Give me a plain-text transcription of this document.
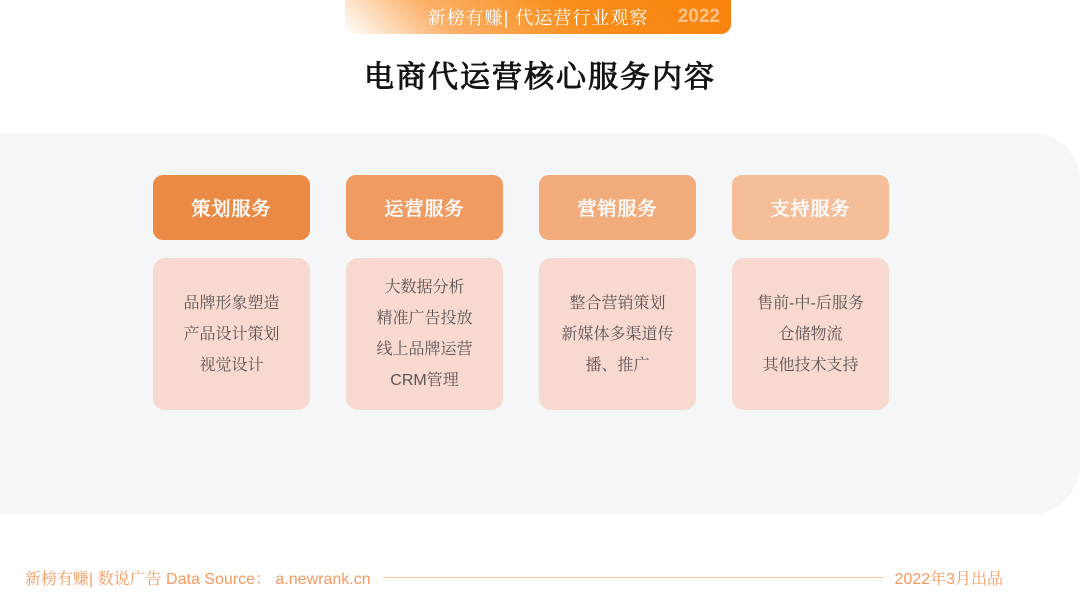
新榜有赚| 代运营行业观察 2022
电商代运营核心服务内容
策划服务
品牌形象塑造
产品设计策划
视觉设计
运营服务
大数据分析
精准广告投放
线上品牌运营
CRM管理
营销服务
整合营销策划
新媒体多渠道传播、推广
支持服务
售前-中-后服务
仓储物流
其他技术支持
新榜有赚| 数说广告 Data Source： a.newrank.cn	2022年3月出品
